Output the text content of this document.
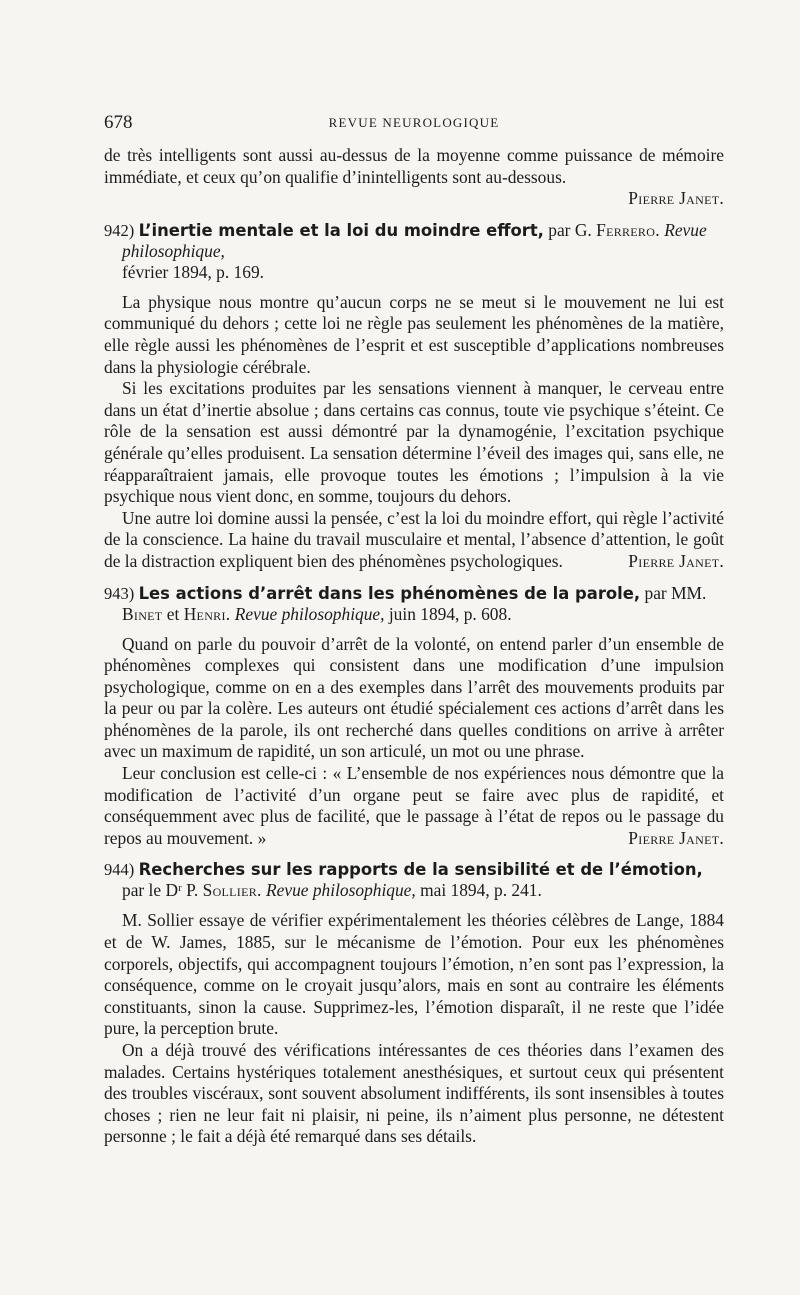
678	REVUE NEUROLOGIQUE

de très intelligents sont aussi au-dessus de la moyenne comme puissance de mémoire immédiate, et ceux qu’on qualifie d’inintelligents sont au-dessous.

Pierre Janet.

942) L’inertie mentale et la loi du moindre effort, par G. Ferrero. Revue philosophique,
février 1894, p. 169.

La physique nous montre qu’aucun corps ne se meut si le mouvement ne lui est communiqué du dehors ; cette loi ne règle pas seulement les phénomènes de la matière, elle règle aussi les phénomènes de l’esprit et est susceptible d’applications nombreuses dans la physiologie cérébrale.

Si les excitations produites par les sensations viennent à manquer, le cerveau entre dans un état d’inertie absolue ; dans certains cas connus, toute vie psychique s’éteint. Ce rôle de la sensation est aussi démontré par la dynamogénie, l’excitation psychique générale qu’elles produisent. La sensation détermine l’éveil des images qui, sans elle, ne réapparaîtraient jamais, elle provoque toutes les émotions ; l’impulsion à la vie psychique nous vient donc, en somme, toujours du dehors.

Une autre loi domine aussi la pensée, c’est la loi du moindre effort, qui règle l’activité de la conscience. La haine du travail musculaire et mental, l’absence d’attention, le goût de la distraction expliquent bien des phénomènes psychologiques.	Pierre Janet.

943) Les actions d’arrêt dans les phénomènes de la parole, par MM. Binet et Henri. Revue philosophique, juin 1894, p. 608.

Quand on parle du pouvoir d’arrêt de la volonté, on entend parler d’un ensemble de phénomènes complexes qui consistent dans une modification d’une impulsion psychologique, comme on en a des exemples dans l’arrêt des mouvements produits par la peur ou par la colère. Les auteurs ont étudié spécialement ces actions d’arrêt dans les phénomènes de la parole, ils ont recherché dans quelles conditions on arrive à arrêter avec un maximum de rapidité, un son articulé, un mot ou une phrase.

Leur conclusion est celle-ci : « L’ensemble de nos expériences nous démontre que la modification de l’activité d’un organe peut se faire avec plus de rapidité, et conséquemment avec plus de facilité, que le passage à l’état de repos ou le passage du repos au mouvement. »	Pierre Janet.

944) Recherches sur les rapports de la sensibilité et de l’émotion, par le Dʳ P. Sollier. Revue philosophique, mai 1894, p. 241.

M. Sollier essaye de vérifier expérimentalement les théories célèbres de Lange, 1884 et de W. James, 1885, sur le mécanisme de l’émotion. Pour eux les phénomènes corporels, objectifs, qui accompagnent toujours l’émotion, n’en sont pas l’expression, la conséquence, comme on le croyait jusqu’alors, mais en sont au contraire les éléments constituants, sinon la cause. Supprimez-les, l’émotion disparaît, il ne reste que l’idée pure, la perception brute.

On a déjà trouvé des vérifications intéressantes de ces théories dans l’examen des malades. Certains hystériques totalement anesthésiques, et surtout ceux qui présentent des troubles viscéraux, sont souvent absolument indifférents, ils sont insensibles à toutes choses ; rien ne leur fait ni plaisir, ni peine, ils n’aiment plus personne, ne détestent personne ; le fait a déjà été remarqué dans ses détails.
